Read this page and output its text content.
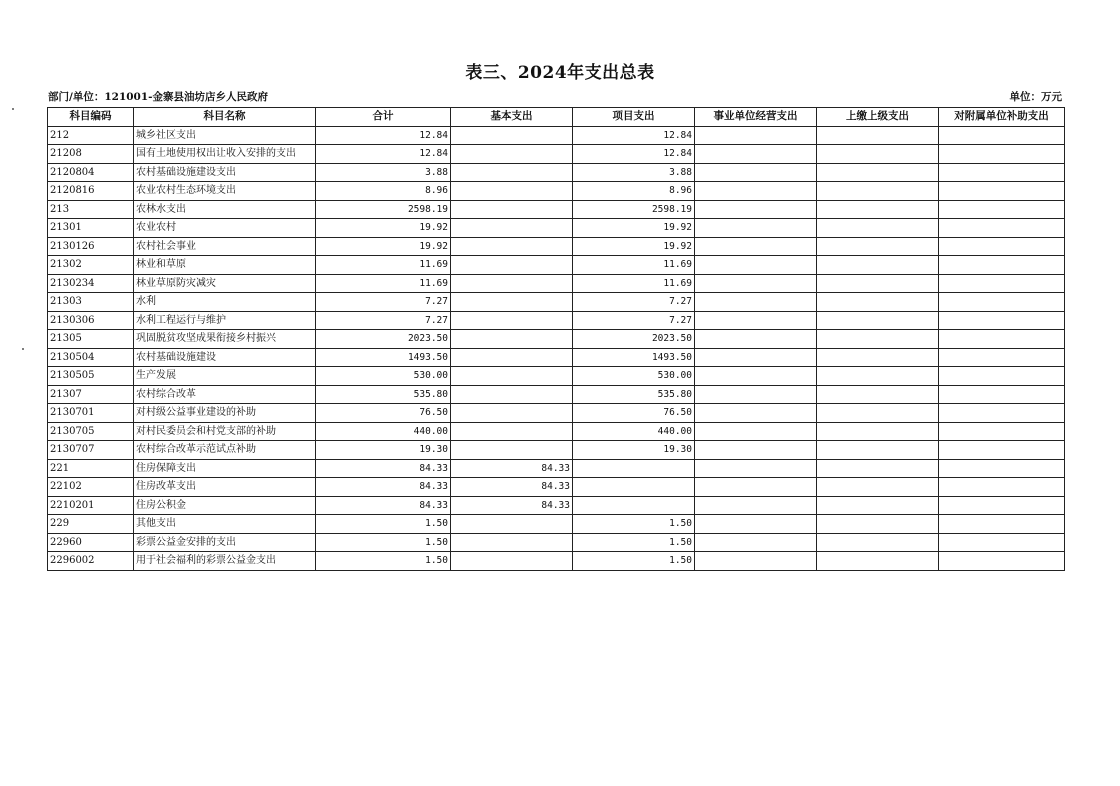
表三、2024年支出总表
部门/单位：121001-金寨县油坊店乡人民政府	单位：万元
科目编码	科目名称	合计	基本支出	项目支出	事业单位经营支出	上缴上级支出	对附属单位补助支出
212	城乡社区支出	12.84		12.84			
21208	国有土地使用权出让收入安排的支出	12.84		12.84			
2120804	农村基础设施建设支出	3.88		3.88			
2120816	农业农村生态环境支出	8.96		8.96			
213	农林水支出	2598.19		2598.19			
21301	农业农村	19.92		19.92			
2130126	农村社会事业	19.92		19.92			
21302	林业和草原	11.69		11.69			
2130234	林业草原防灾减灾	11.69		11.69			
21303	水利	7.27		7.27			
2130306	水利工程运行与维护	7.27		7.27			
21305	巩固脱贫攻坚成果衔接乡村振兴	2023.50		2023.50			
2130504	农村基础设施建设	1493.50		1493.50			
2130505	生产发展	530.00		530.00			
21307	农村综合改革	535.80		535.80			
2130701	对村级公益事业建设的补助	76.50		76.50			
2130705	对村民委员会和村党支部的补助	440.00		440.00			
2130707	农村综合改革示范试点补助	19.30		19.30			
221	住房保障支出	84.33	84.33				
22102	住房改革支出	84.33	84.33				
2210201	住房公积金	84.33	84.33				
229	其他支出	1.50		1.50			
22960	彩票公益金安排的支出	1.50		1.50			
2296002	用于社会福利的彩票公益金支出	1.50		1.50			
